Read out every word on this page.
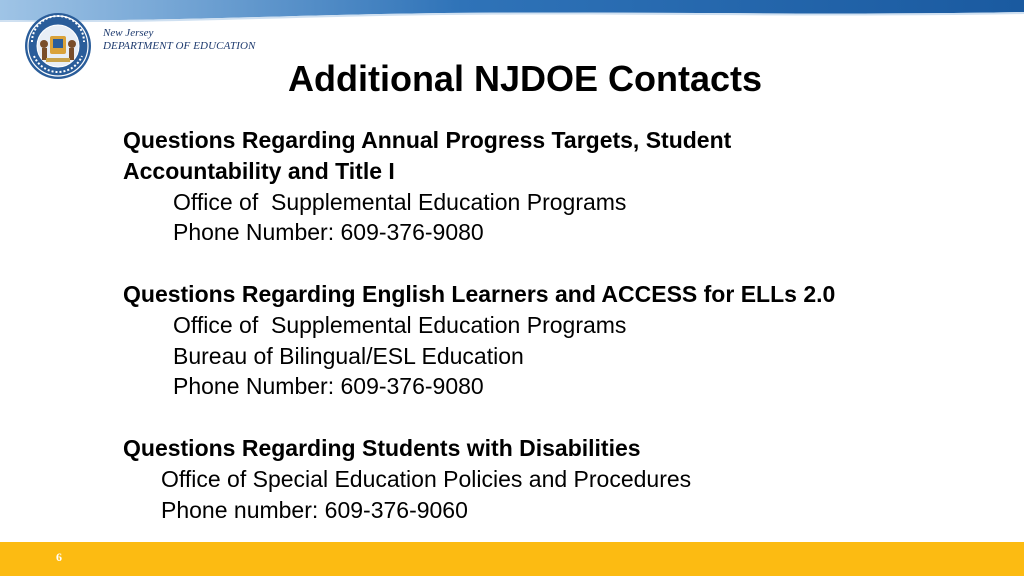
New Jersey
DEPARTMENT OF EDUCATION
Additional NJDOE Contacts

Questions Regarding Annual Progress Targets, Student

Accountability and Title I

Office of  Supplemental Education Programs

Phone Number: 609-376-9080

Questions Regarding English Learners and ACCESS for ELLs 2.0

Office of  Supplemental Education Programs

Bureau of Bilingual/ESL Education

Phone Number: 609-376-9080

Questions Regarding Students with Disabilities

Office of Special Education Policies and Procedures

Phone number: 609-376-9060

6
